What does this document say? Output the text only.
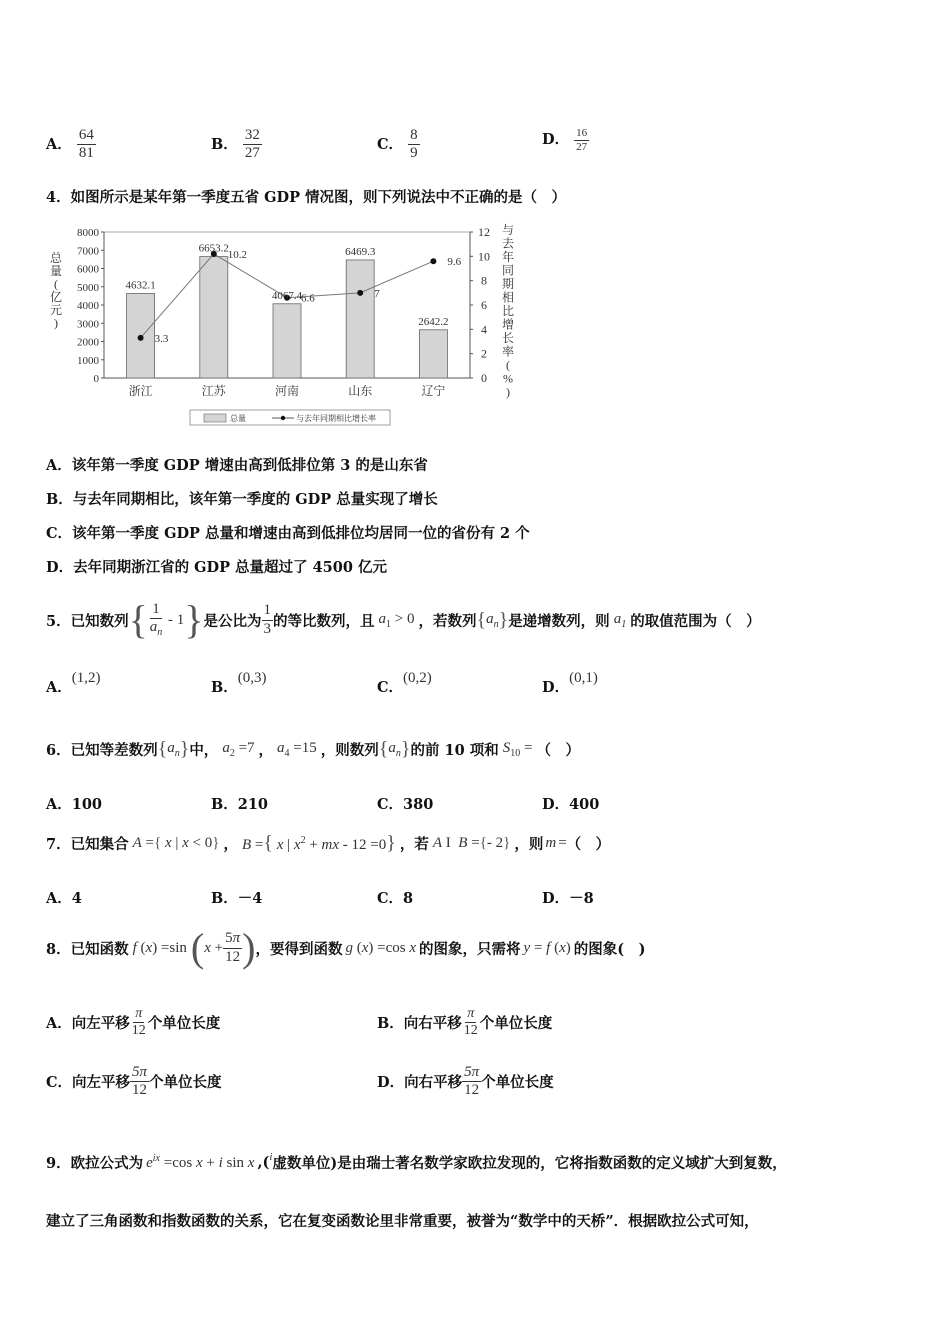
A． $\frac{64}{81}$	B． $\frac{32}{27}$	C． $\frac{8}{9}$	D． $\frac{16}{27}$
4．如图所示是某年第一季度五省 GDP 情况图，则下列说法中不正确的是（　）
总量(亿元)
与去年同期相比增长率( % )
0
1000
2000
3000
4000
5000
6000
7000
8000
0
2
4
6
8
10
12
4632.1
浙江
6653.2
江苏
4067.4
河南
6469.3
山东
2642.2
辽宁
3.3
10.2
6.6	7
9.6
总量	与去年同期相比增长率
A．该年第一季度 GDP 增速由高到低排位第 3 的是山东省
B．与去年同期相比，该年第一季度的 GDP 总量实现了增长
C．该年第一季度 GDP 总量和增速由高到低排位均居同一位的省份有 2 个
D．去年同期浙江省的 GDP 总量超过了 4500 亿元
5．已知数列 { $\frac{1}{a_n} - 1$ } 是公比为 $\frac{1}{3}$ 的等比数列，且 $a_1 > 0$ ，若数列 { $a_n$ } 是递增数列，则 $a_1$ 的取值范围为（　）
A．(1,2)
B．(0,3)
C．(0,2)
D．(0,1)
6．已知等差数列 { $a_n$ } 中， $a_2 =7$ ， $a_4 =15$ ，则数列 { $a_n$ } 的前 10 项和 $S_{10}$ = （　）
A．100	B．210	C．380	D．400
7．已知集合 A ={ x | x < 0} ， B ={ x | $x^2$ + mx - 12 =0} ，若 A I  B ={- 2} ，则 m = （　）
A．4	B．－4	C．8	D．－8
8．已知函数 f (x) =sin ( $x + \frac{5\pi}{12}$ ) ，要得到函数 g (x) =cos x 的图象，只需将 y = f (x) 的图象(　)
A．向左平移 $\frac{\pi}{12}$ 个单位长度	B．向右平移 $\frac{\pi}{12}$ 个单位长度
C．向左平移 $\frac{5\pi}{12}$ 个单位长度	D．向右平移 $\frac{5\pi}{12}$ 个单位长度
9．欧拉公式为 $e^{ix} =\cos$ x + i sin x ,( i 虚数单位)是由瑞士著名数学家欧拉发现的，它将指数函数的定义域扩大到复数，
建立了三角函数和指数函数的关系，它在复变函数论里非常重要，被誉为“数学中的天桥”．根据欧拉公式可知，
